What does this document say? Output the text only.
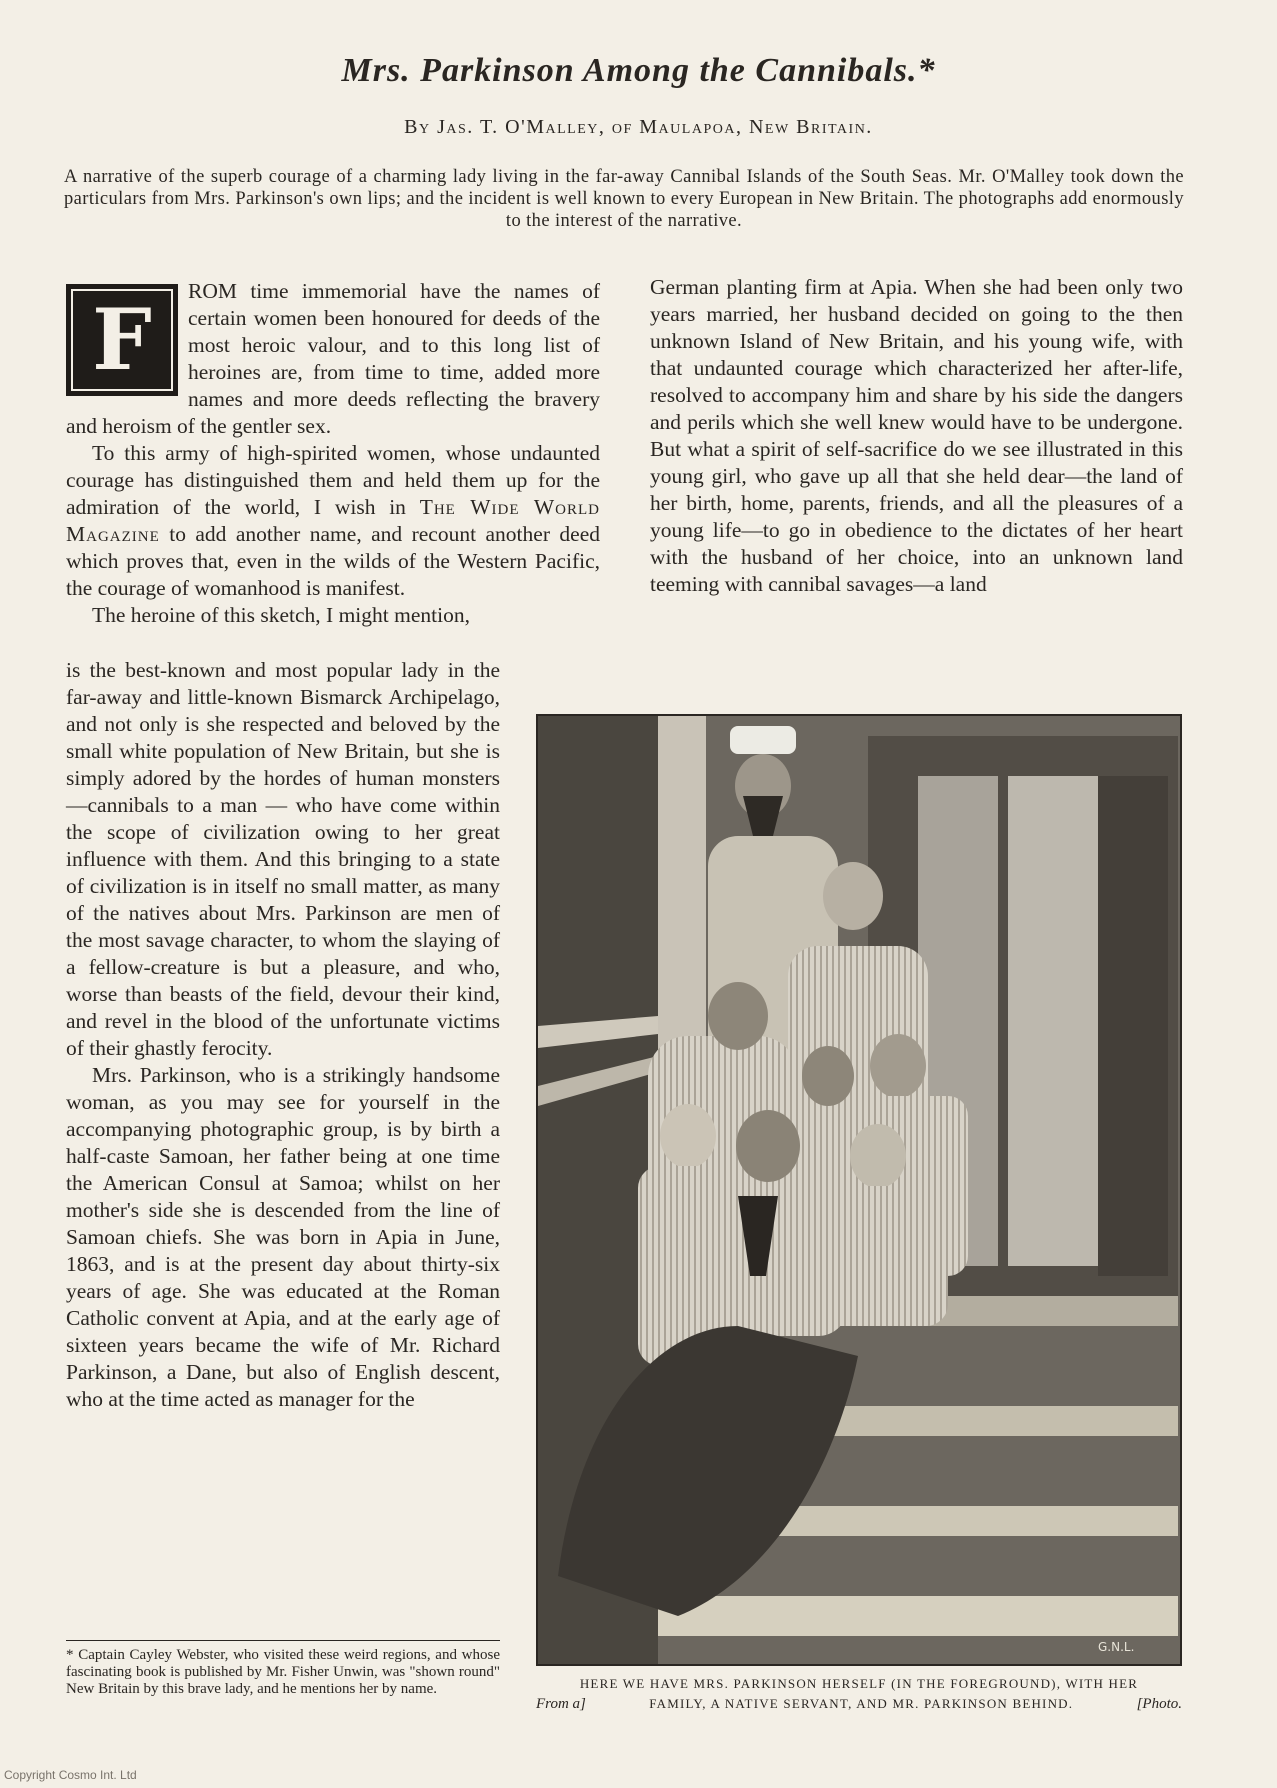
Mrs. Parkinson Among the Cannibals.*
By Jas. T. O'Malley, of Maulapoa, New Britain.
A narrative of the superb courage of a charming lady living in the far-away Cannibal Islands of the South Seas. Mr. O'Malley took down the particulars from Mrs. Parkinson's own lips; and the incident is well known to every European in New Britain. The photographs add enormously to the interest of the narrative.
F	ROM time immemorial have the names of certain women been honoured for deeds of the most heroic valour, and to this long list of heroines are, from time to time, added more names and more deeds reflecting the bravery and heroism of the gentler sex.

To this army of high-spirited women, whose undaunted courage has distinguished them and held them up for the admiration of the world, I wish in The Wide World Magazine to add another name, and recount another deed which proves that, even in the wilds of the Western Pacific, the courage of womanhood is manifest.

The heroine of this sketch, I might mention,

is the best-known and most popular lady in the far-away and little-known Bismarck Archipelago, and not only is she respected and beloved by the small white population of New Britain, but she is simply adored by the hordes of human monsters—cannibals to a man — who have come within the scope of civilization owing to her great influence with them. And this bringing to a state of civilization is in itself no small matter, as many of the natives about Mrs. Parkinson are men of the most savage character, to whom the slaying of a fellow-creature is but a pleasure, and who, worse than beasts of the field, devour their kind, and revel in the blood of the unfortunate victims of their ghastly ferocity.

Mrs. Parkinson, who is a strikingly handsome woman, as you may see for yourself in the accompanying photographic group, is by birth a half-caste Samoan, her father being at one time the American Consul at Samoa; whilst on her mother's side she is descended from the line of Samoan chiefs. She was born in Apia in June, 1863, and is at the present day about thirty-six years of age. She was educated at the Roman Catholic convent at Apia, and at the early age of sixteen years became the wife of Mr. Richard Parkinson, a Dane, but also of English descent, who at the time acted as manager for the

German planting firm at Apia. When she had been only two years married, her husband decided on going to the then unknown Island of New Britain, and his young wife, with that undaunted courage which characterized her after-life, resolved to accompany him and share by his side the dangers and perils which she well knew would have to be undergone. But what a spirit of self-sacrifice do we see illustrated in this young girl, who gave up all that she held dear—the land of her birth, home, parents, friends, and all the pleasures of a young life—to go in obedience to the dictates of her heart with the husband of her choice, into an unknown land teeming with cannibal savages—a land

* Captain Cayley Webster, who visited these weird regions, and whose fascinating book is published by Mr. Fisher Unwin, was "shown round" New Britain by this brave lady, and he mentions her by name.
G.N.L.
HERE WE HAVE MRS. PARKINSON HERSELF (IN THE FOREGROUND), WITH HER
From a]	[Photo.
FAMILY, A NATIVE SERVANT, AND MR. PARKINSON BEHIND.
Copyright Cosmo Int. Ltd
